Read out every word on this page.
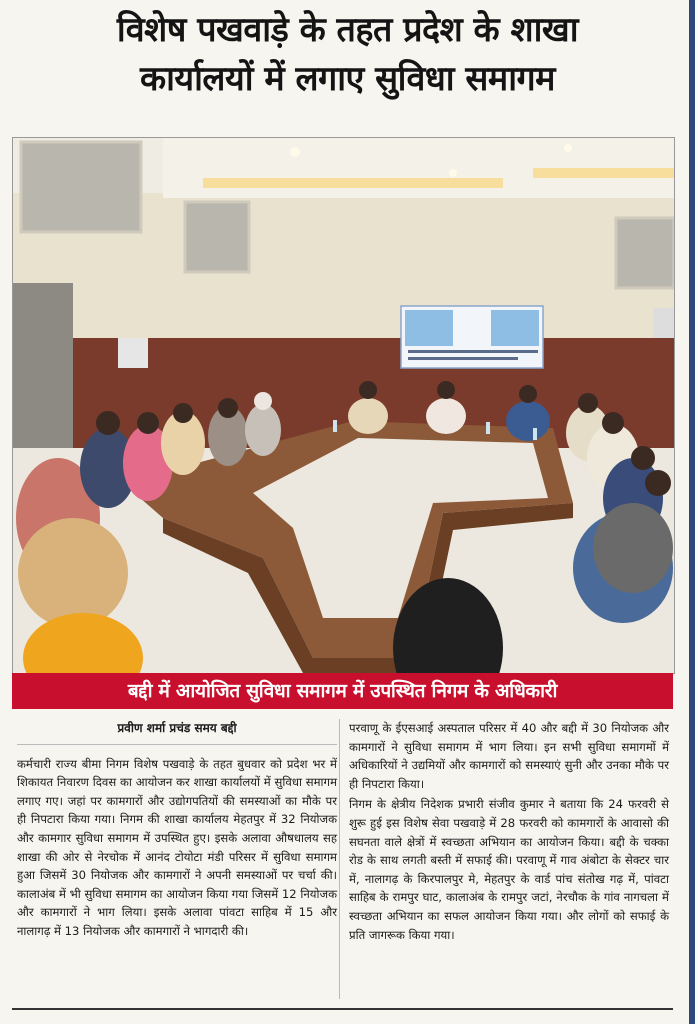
विशेष पखवाड़े के तहत प्रदेश के शाखा
कार्यालयों में लगाए सुविधा समागम
बद्दी में आयोजित सुविधा समागम में उपस्थित निगम के अधिकारी
प्रवीण शर्मा प्रचंड समय बद्दी

कर्मचारी राज्य बीमा निगम विशेष पखवाड़े के तहत बुधवार को प्रदेश भर में शिकायत निवारण दिवस का आयोजन कर शाखा कार्यालयों में सुविधा समागम लगाए गए। जहां पर कामगारों और उद्योगपतियों की समस्याओं का मौके पर ही निपटारा किया गया। निगम की शाखा कार्यालय मेहतपुर में 32 नियोजक और कामगार सुविधा समागम में उपस्थित हुए। इसके अलावा औषधालय सह शाखा की ओर से नेरचोक में आनंद टोयोटा मंडी परिसर में सुविधा समागम हुआ जिसमें 30 नियोजक और कामगारों ने अपनी समस्याओं पर चर्चा की। कालाअंब में भी सुविधा समागम का आयोजन किया गया जिसमें 12 नियोजक और कामगारों ने भाग लिया। इसके अलावा पांवटा साहिब में 15 और नालागढ़ में 13 नियोजक और कामगारों ने भागदारी की।

परवाणू के ईएसआई अस्पताल परिसर में 40 और बद्दी में 30 नियोजक और कामगारों ने सुविधा समागम में भाग लिया। इन सभी सुविधा समागमों में अधिकारियों ने उद्यमियों और कामगारों को समस्याएं सुनी और उनका मौके पर ही निपटारा किया।

निगम के क्षेत्रीय निदेशक प्रभारी संजीव कुमार ने बताया कि 24 फरवरी से शुरू हुई इस विशेष सेवा पखवाड़े में 28 फरवरी को कामगारों के आवासो की सघनता वाले क्षेत्रों में स्वच्छता अभियान का आयोजन किया। बद्दी के चक्का रोड के साथ लगती बस्ती में सफाई की। परवाणू में गाव अंबोटा के सेक्टर चार में, नालागढ़ के किरपालपुर मे, मेहतपुर के वार्ड पांच संतोख गढ़ में, पांवटा साहिब के रामपुर घाट, कालाअंब के रामपुर जटां, नेरचौक के गांव नागचला में स्वच्छता अभियान का सफल आयोजन किया गया। और लोगों को सफाई के प्रति जागरूक किया गया।
